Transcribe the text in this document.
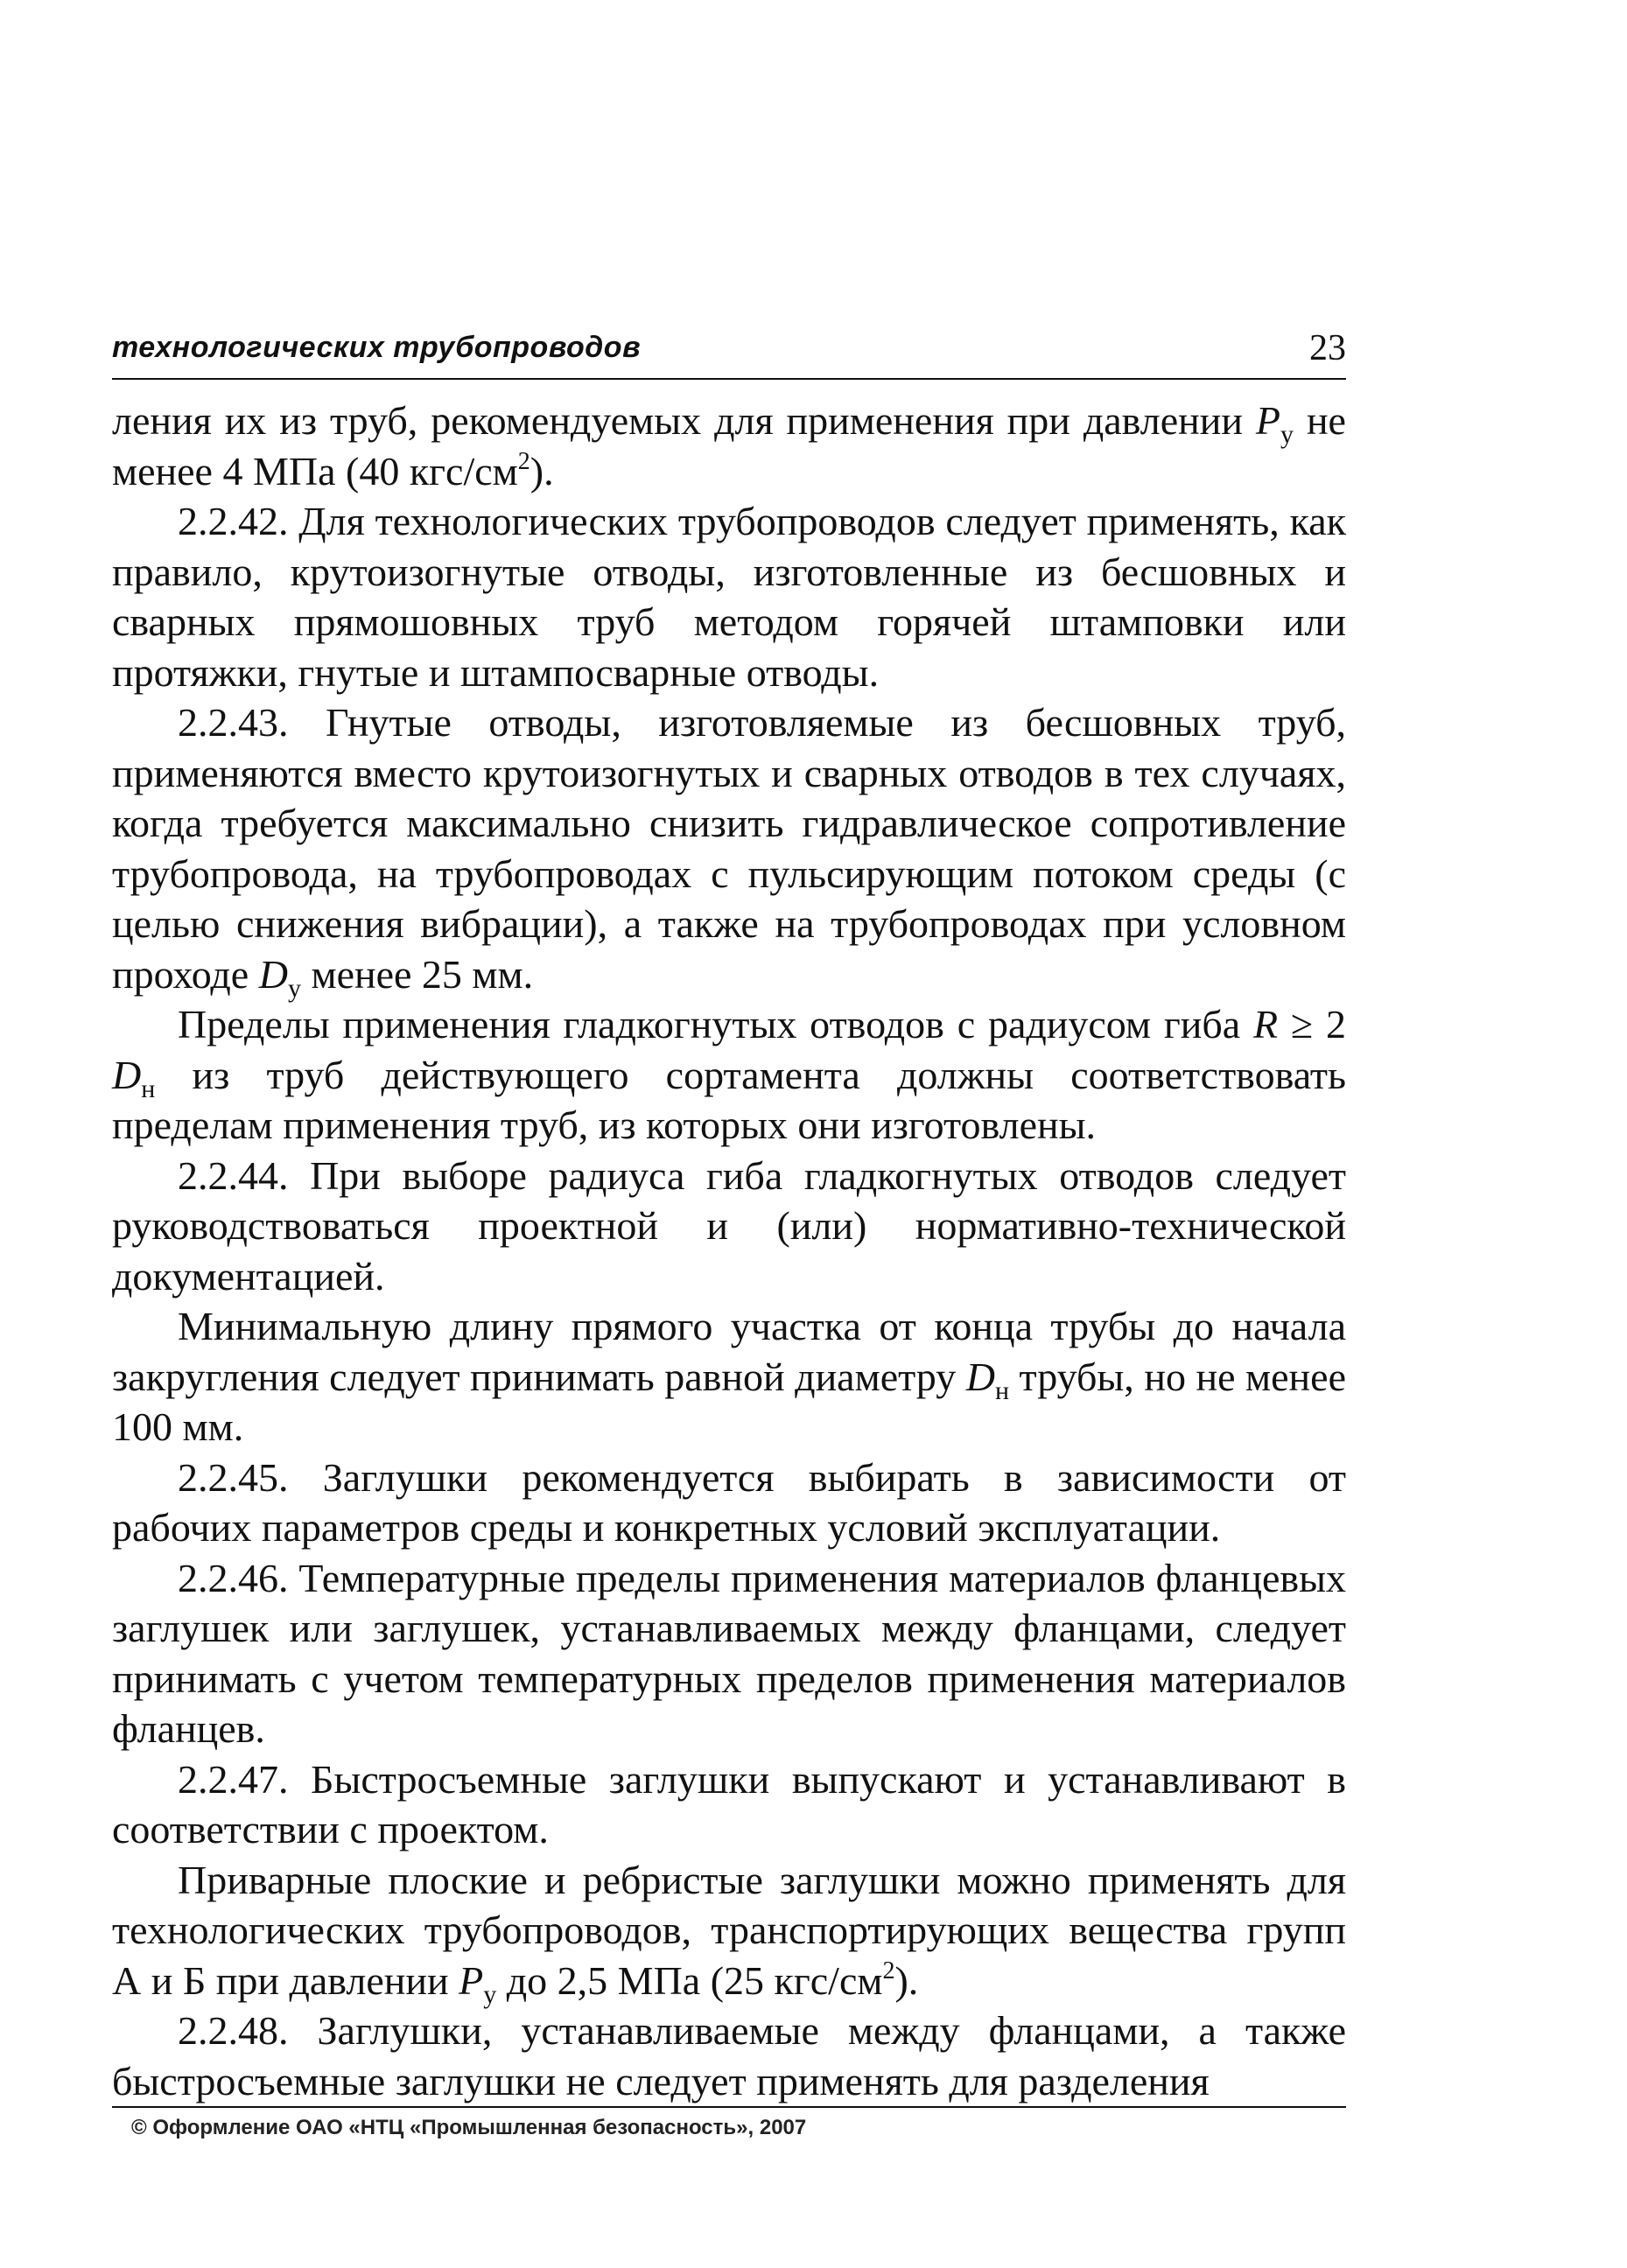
технологических трубопроводов	23

ления их из труб, рекомендуемых для применения при давлении $P_у$ не менее 4 МПа (40 кгс/$см^2$).

2.2.42. Для технологических трубопроводов следует применять, как правило, крутоизогнутые отводы, изготовленные из бесшовных и сварных прямошовных труб методом горячей штамповки или протяжки, гнутые и штампосварные отводы.

2.2.43. Гнутые отводы, изготовляемые из бесшовных труб, применяются вместо крутоизогнутых и сварных отводов в тех случаях, когда требуется максимально снизить гидравлическое сопротивление трубопровода, на трубопроводах с пульсирующим потоком среды (с целью снижения вибрации), а также на трубопроводах при условном проходе $D_у$ менее 25 мм.

Пределы применения гладкогнутых отводов с радиусом гиба R ≥ 2 $D_н$ из труб действующего сортамента должны соответствовать пределам применения труб, из которых они изготовлены.

2.2.44. При выборе радиуса гиба гладкогнутых отводов следует руководствоваться проектной и (или) нормативно-технической документацией.

Минимальную длину прямого участка от конца трубы до начала закругления следует принимать равной диаметру $D_н$ трубы, но не менее 100 мм.

2.2.45. Заглушки рекомендуется выбирать в зависимости от рабочих параметров среды и конкретных условий эксплуатации.

2.2.46. Температурные пределы применения материалов фланцевых заглушек или заглушек, устанавливаемых между фланцами, следует принимать с учетом температурных пределов применения материалов фланцев.

2.2.47. Быстросъемные заглушки выпускают и устанавливают в соответствии с проектом.

Приварные плоские и ребристые заглушки можно применять для технологических трубопроводов, транспортирующих вещества групп А и Б при давлении $P_у$ до 2,5 МПа (25 кгс/$см^2$).

2.2.48. Заглушки, устанавливаемые между фланцами, а также быстросъемные заглушки не следует применять для разделения

© Оформление ОАО «НТЦ «Промышленная безопасность», 2007
